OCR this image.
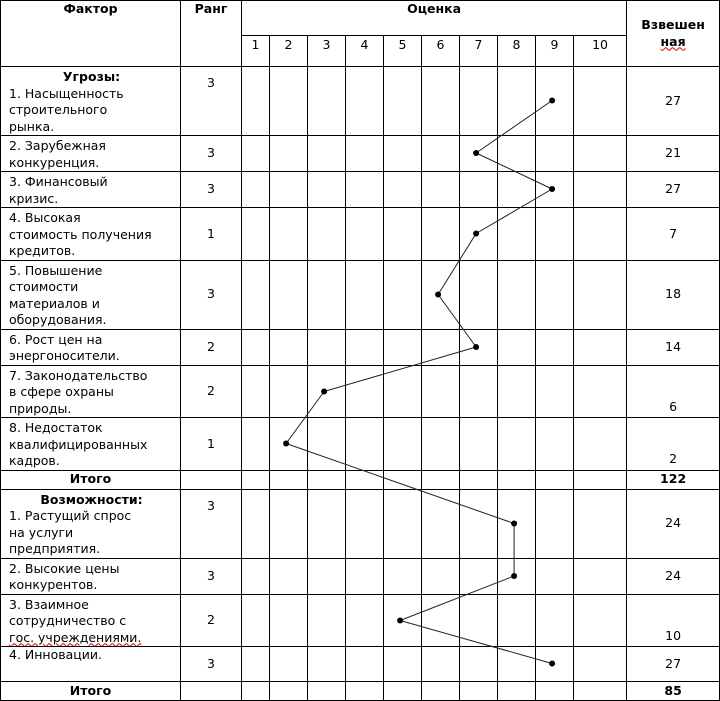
Фактор	Ранг	Оценка										Взвешен
ная
		1	2	3	4	5	6	7	8	9	10	

Угрозы:
1. Насыщенность
строительного
рынка.	3											27

2. Зарубежная
конкуренция.	3											21

3. Финансовый
кризис.	3											27

4. Высокая
стоимость получения
кредитов.	1											7

5. Повышение
стоимости
материалов и
оборудования.	3											18

6. Рост цен на
энергоносители.	2											14

7. Законодательство
в сфере охраны
природы.	2											6

8. Недостаток
квалифицированных
кадров.	1											2
Итого												122

Возможности:
1. Растущий спрос
на услуги
предприятия.	3											24

2. Высокие цены
конкурентов.	3											24

3. Взаимное
сотрудничество с
гос. учреждениями.	2											10

4. Инновации.	3											27
Итого												85
